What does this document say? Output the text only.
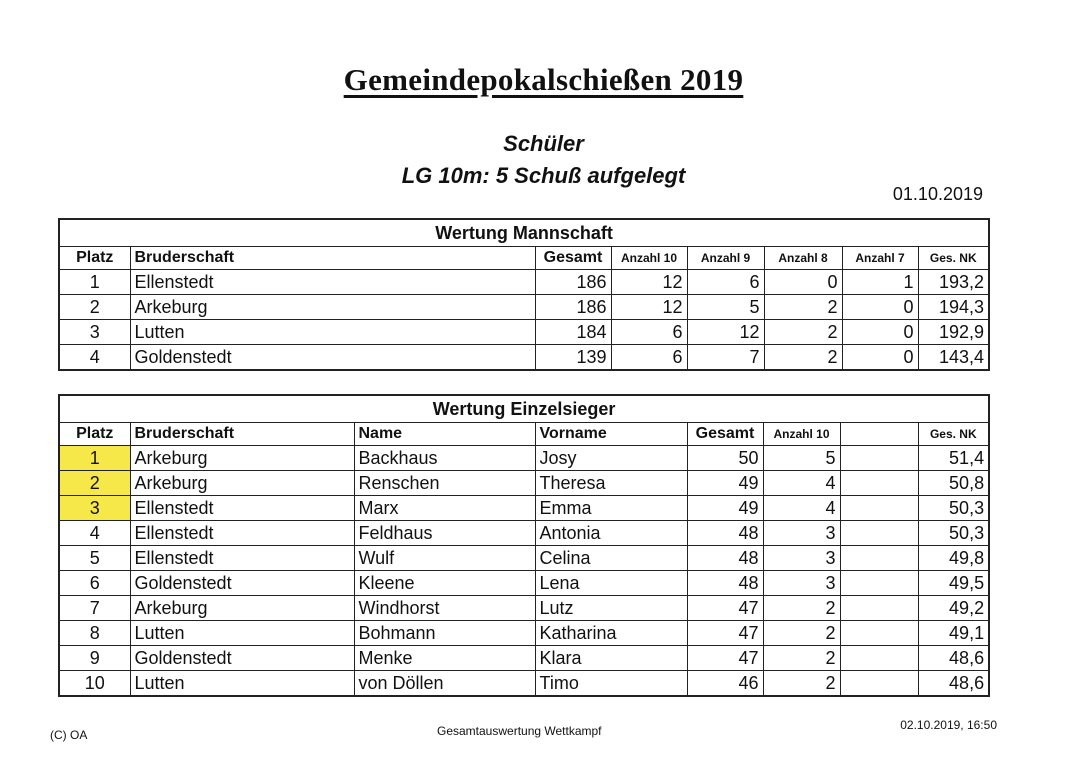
Gemeindepokalschießen 2019
Schüler
LG 10m: 5 Schuß aufgelegt
01.10.2019
Wertung Mannschaft							
Platz	Bruderschaft	Gesamt	Anzahl 10	Anzahl 9	Anzahl 8	Anzahl 7	Ges. NK
1	Ellenstedt	186	12	6	0	1	193,2
2	Arkeburg	186	12	5	2	0	194,3
3	Lutten	184	6	12	2	0	192,9
4	Goldenstedt	139	6	7	2	0	143,4
Wertung Einzelsieger							
Platz	Bruderschaft	Name	Vorname	Gesamt	Anzahl 10		Ges. NK
1	Arkeburg	Backhaus	Josy	50	5		51,4
2	Arkeburg	Renschen	Theresa	49	4		50,8
3	Ellenstedt	Marx	Emma	49	4		50,3
4	Ellenstedt	Feldhaus	Antonia	48	3		50,3
5	Ellenstedt	Wulf	Celina	48	3		49,8
6	Goldenstedt	Kleene	Lena	48	3		49,5
7	Arkeburg	Windhorst	Lutz	47	2		49,2
8	Lutten	Bohmann	Katharina	47	2		49,1
9	Goldenstedt	Menke	Klara	47	2		48,6
10	Lutten	von Döllen	Timo	46	2		48,6
(C) OA	Gesamtauswertung Wettkampf	02.10.2019, 16:50
